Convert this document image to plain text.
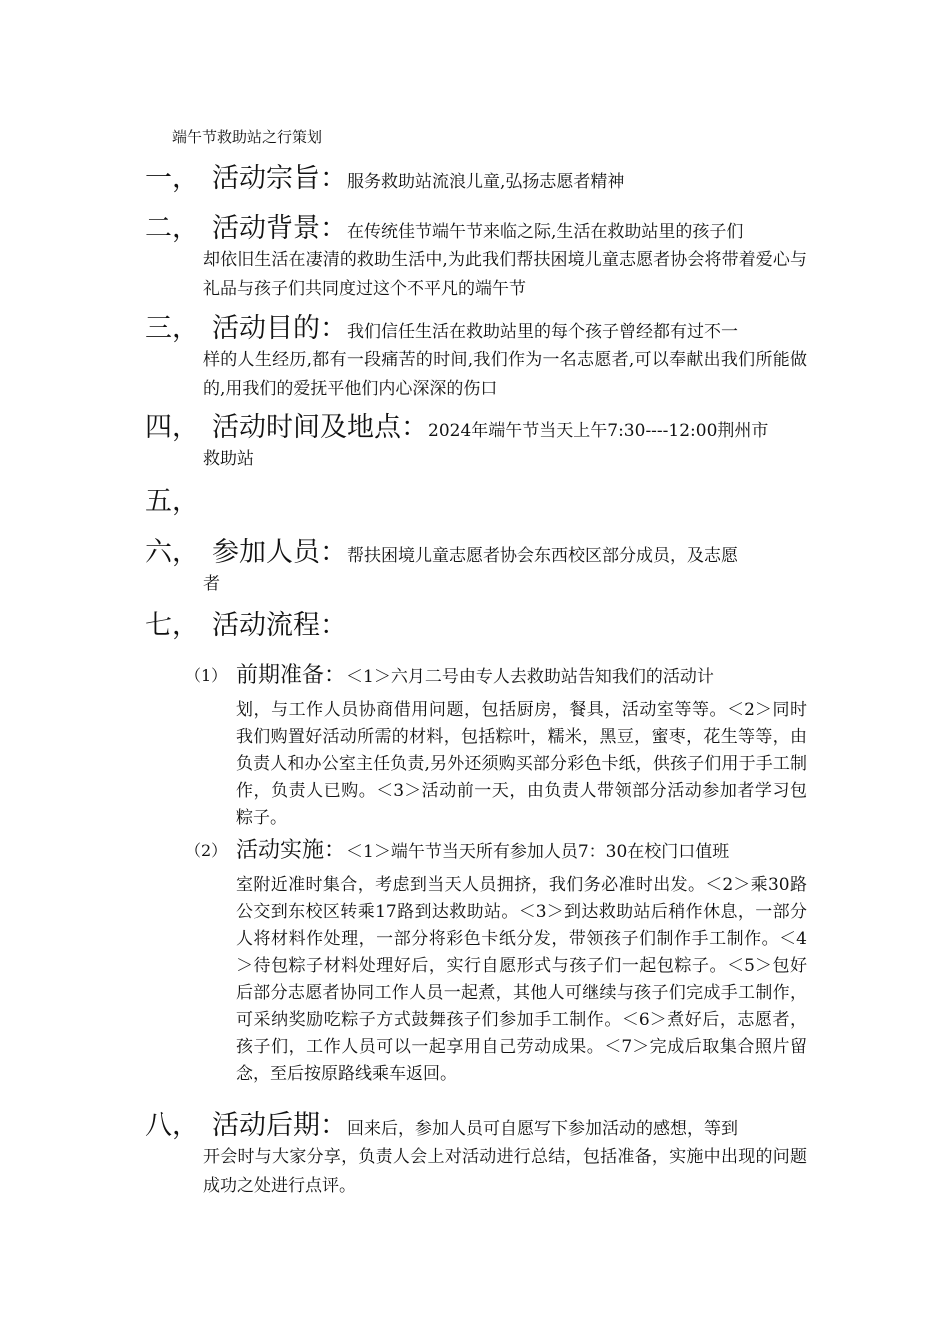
端午节救助站之行策划
一， 活动宗旨：服务救助站流浪儿童,弘扬志愿者精神
二， 活动背景：在传统佳节端午节来临之际,生活在救助站里的孩子们
却依旧生活在凄清的救助生活中,为此我们帮扶困境儿童志愿者协会将带着爱心与礼品与孩子们共同度过这个不平凡的端午节
三， 活动目的：我们信任生活在救助站里的每个孩子曾经都有过不一
样的人生经历,都有一段痛苦的时间,我们作为一名志愿者,可以奉献出我们所能做的,用我们的爱抚平他们内心深深的伤口
四， 活动时间及地点：2024年端午节当天上午7:30----12:00荆州市
救助站
五，
六， 参加人员：帮扶困境儿童志愿者协会东西校区部分成员，及志愿
者
七， 活动流程：
（1） 前期准备：＜1＞六月二号由专人去救助站告知我们的活动计
划，与工作人员协商借用问题，包括厨房，餐具，活动室等等。＜2＞同时我们购置好活动所需的材料，包括粽叶，糯米，黑豆，蜜枣，花生等等，由负责人和办公室主任负责,另外还须购买部分彩色卡纸，供孩子们用于手工制作，负责人已购。＜3＞活动前一天，由负责人带领部分活动参加者学习包粽子。
（2） 活动实施：＜1＞端午节当天所有参加人员7：30在校门口值班
室附近准时集合，考虑到当天人员拥挤，我们务必准时出发。＜2＞乘30路公交到东校区转乘17路到达救助站。＜3＞到达救助站后稍作休息，一部分人将材料作处理，一部分将彩色卡纸分发，带领孩子们制作手工制作。＜4＞待包粽子材料处理好后，实行自愿形式与孩子们一起包粽子。＜5＞包好后部分志愿者协同工作人员一起煮，其他人可继续与孩子们完成手工制作，可采纳奖励吃粽子方式鼓舞孩子们参加手工制作。＜6＞煮好后，志愿者，孩子们，工作人员可以一起享用自己劳动成果。＜7＞完成后取集合照片留念，至后按原路线乘车返回。
八， 活动后期：回来后，参加人员可自愿写下参加活动的感想，等到
开会时与大家分享，负责人会上对活动进行总结，包括准备，实施中出现的问题成功之处进行点评。
